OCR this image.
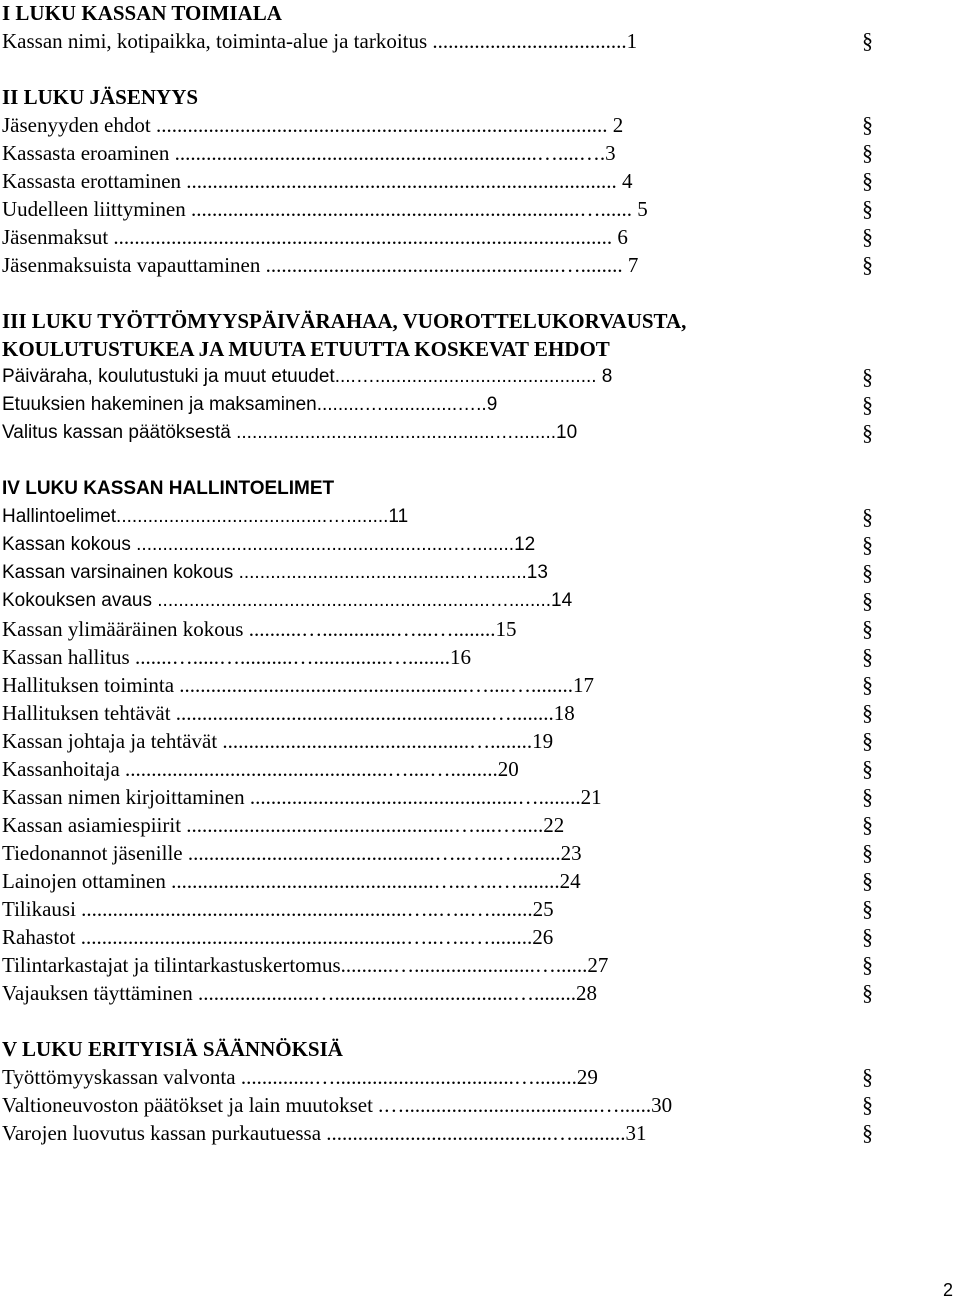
I LUKU KASSAN TOIMIALA
Kassan nimi, kotipaikka, toiminta-alue ja tarkoitus .....................................1	§
II LUKU JÄSENYYS
Jäsenyyden ehdot ...................................................................................... 2	§
Kassasta eroaminen .....................................................................…....….3	§
Kassasta erottaminen .................................................................................. 4	§
Uudelleen liittyminen ..........................................................................…...... 5	§
Jäsenmaksut ............................................................................................... 6	§
Jäsenmaksuista vapauttaminen ........................................................…........ 7	§
III LUKU TYÖTTÖMYYSPÄIVÄRAHAA, VUOROTTELUKORVAUSTA,
KOULUTUSTUKEA JA MUUTA ETUUTTA KOSKEVAT EHDOT
Päiväraha, koulutustuki ja muut etuudet....….......................................... 8	§
Etuuksien hakeminen ja maksaminen.........…..............…..9	§
Valitus kassan päätöksestä .................................................…........10	§
IV LUKU KASSAN HALLINTOELIMET
Hallintoelimet........................................…........11	§
Kassan kokous ............................................................…........12	§
Kassan varsinainen kokous ...........................................…........13	§
Kokouksen avaus ...............................................................…........14	§
Kassan ylimääräinen kokous ..........…..............…...…........15	§
Kassan hallitus .......….....…..........…..............…........16	§
Hallituksen toiminta .......................................................…....…........17	§
Hallituksen tehtävät ............................................................…........18	§
Kassan johtaja ja tehtävät ...............................................…........19	§
Kassanhoitaja ..................................................…....….........20	§
Kassan nimen kirjoittaminen ...................................................…........21	§
Kassan asiamiespiirit ...................................................…....….....22	§
Tiedonannot jäsenille ...............................................…..…..…........23	§
Lainojen ottaminen ..................................................…..…..…........24	§
Tilikausi ..............................................................…..…..…........25	§
Rahastot ..............................................................…..…..…........26	§
Tilintarkastajat ja tilintarkastuskertomus..........….......................…......27	§
Vajauksen täyttäminen ......................…..................................…........28	§
V LUKU ERITYISIÄ SÄÄNNÖKSIÄ
Työttömyyskassan valvonta ..............…..................................…........29	§
Valtioneuvoston päätökset ja lain muutokset .….....................................…......30	§
Varojen luovutus kassan purkautuessa ...........................................…..........31	§
2
